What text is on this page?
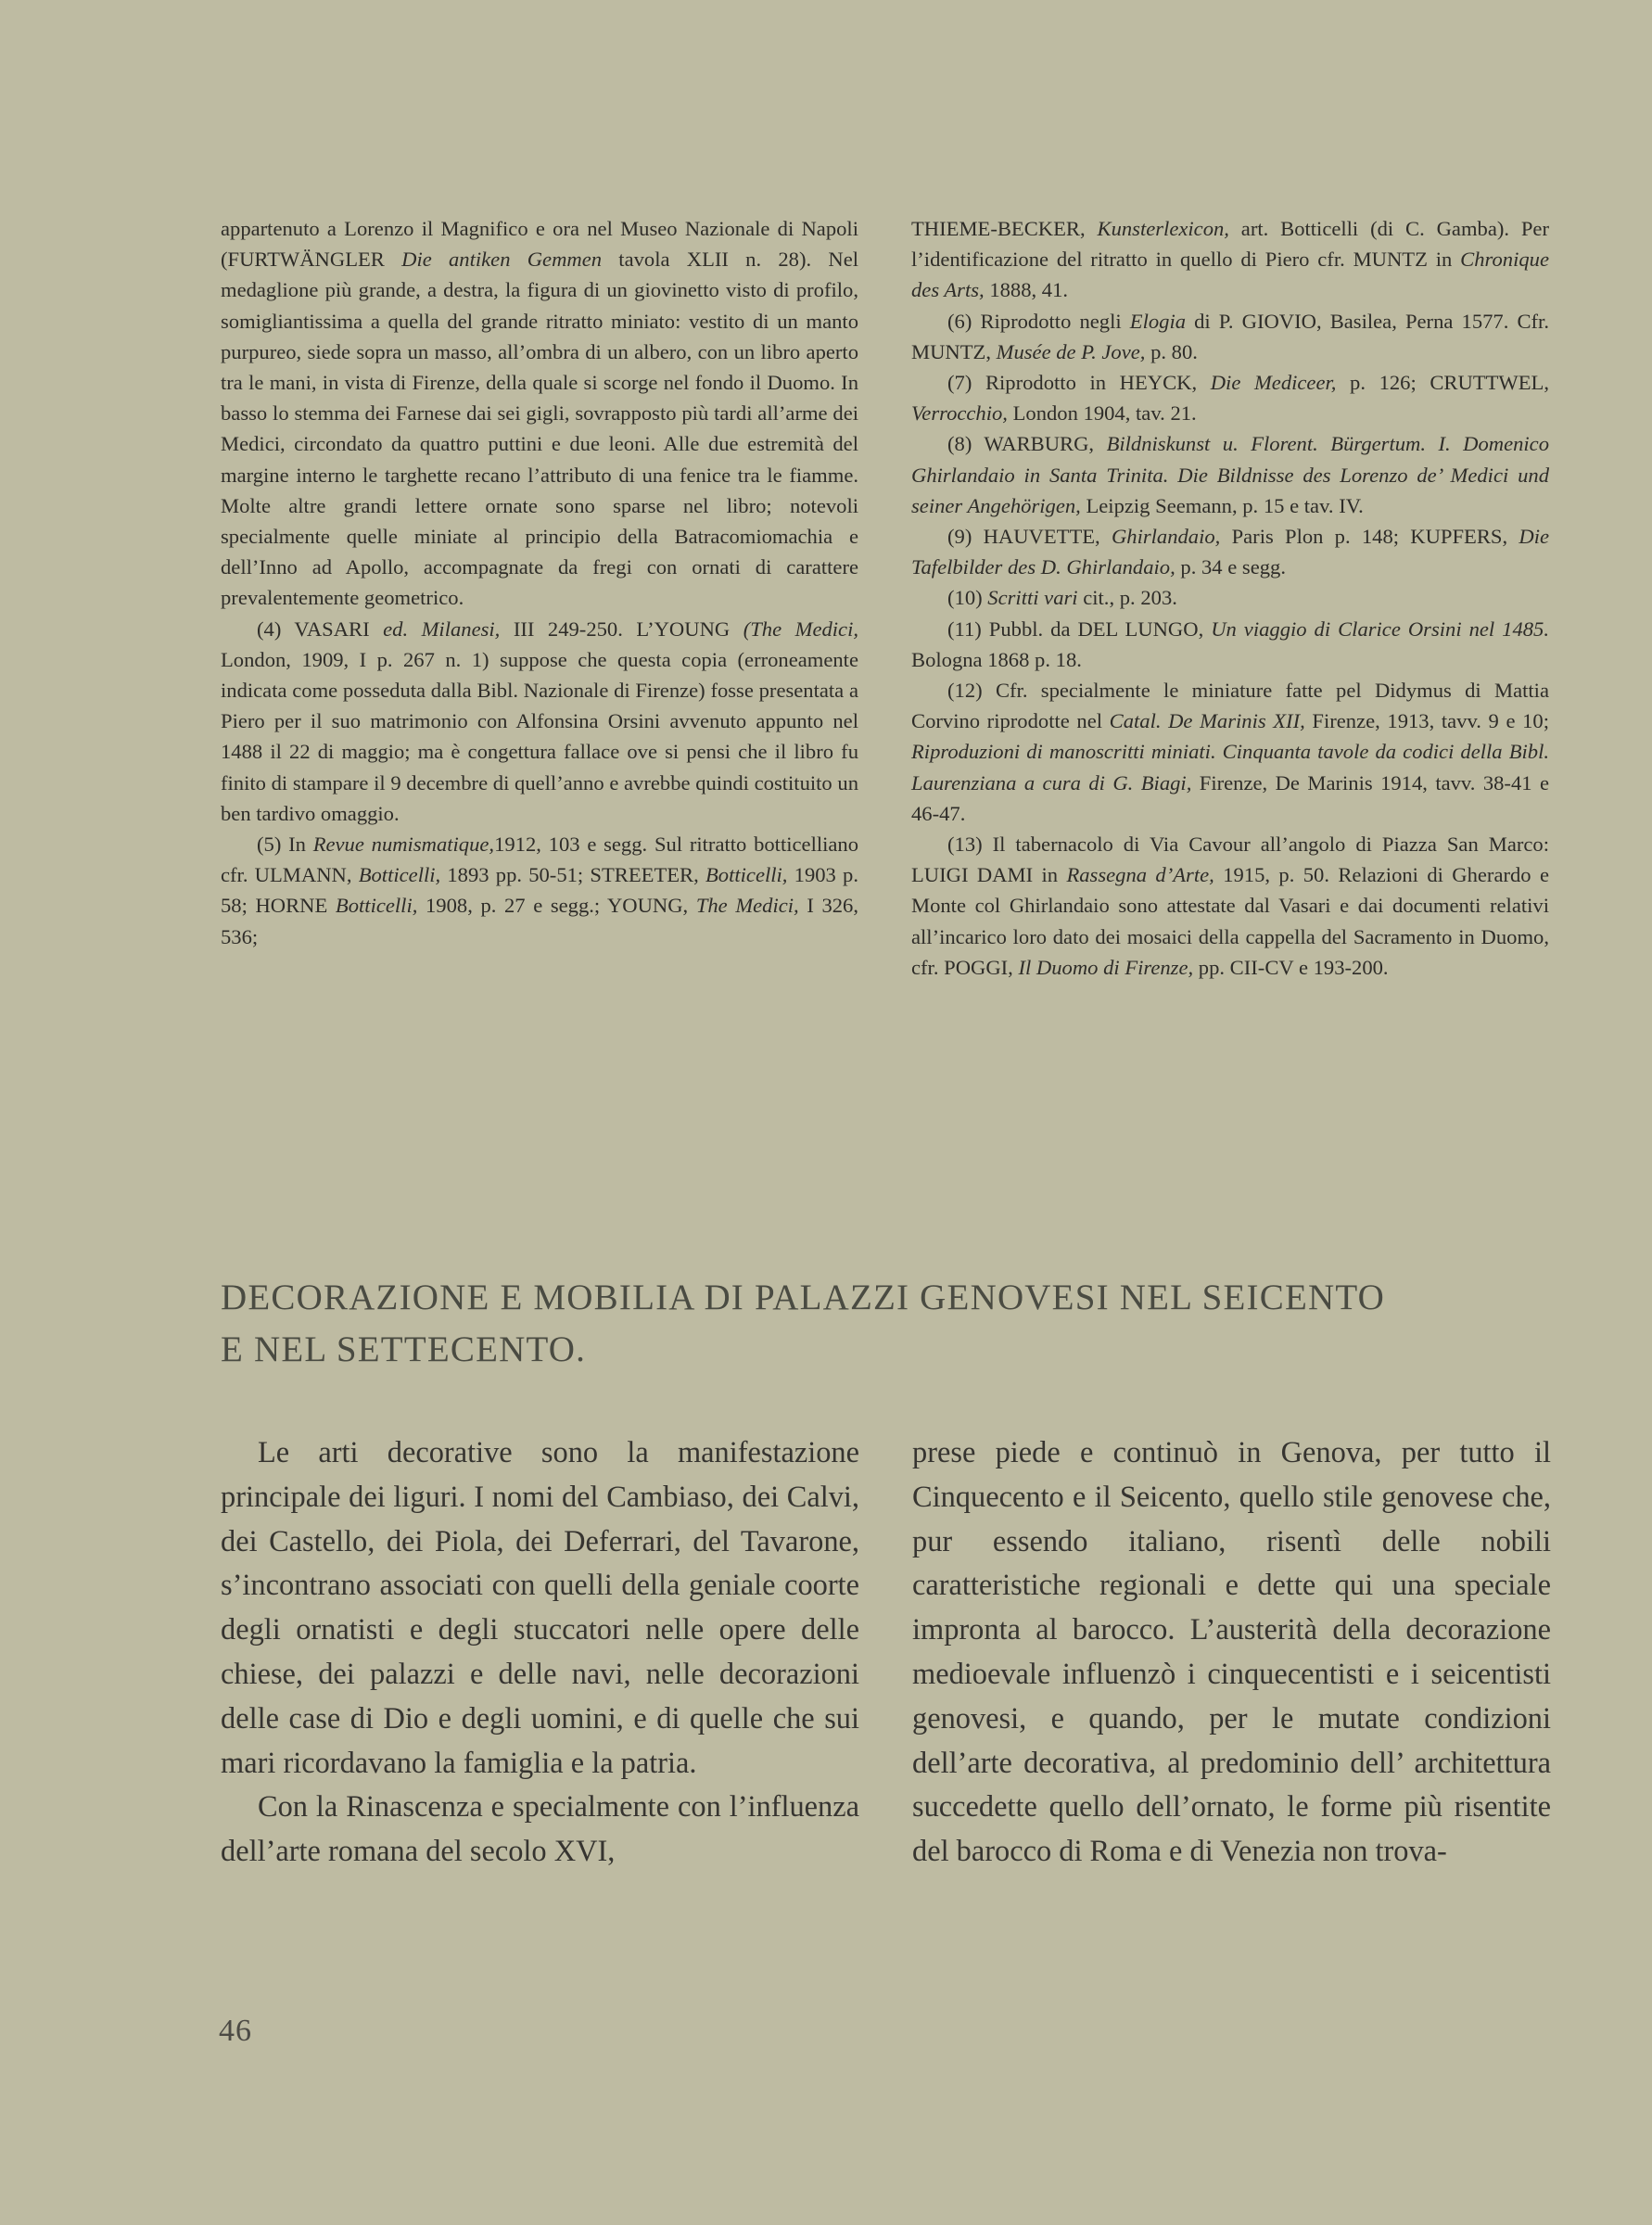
appartenuto a Lorenzo il Magnifico e ora nel Museo Nazionale di Napoli (FURTWÄNGLER Die antiken Gemmen tavola XLII n. 28). Nel medaglione più grande, a destra, la figura di un giovinetto visto di profilo, somigliantissima a quella del grande ritratto miniato: vestito di un manto purpureo, siede sopra un masso, all’ombra di un albero, con un libro aperto tra le mani, in vista di Firenze, della quale si scorge nel fondo il Duomo. In basso lo stemma dei Farnese dai sei gigli, sovrapposto più tardi all’arme dei Medici, circondato da quattro puttini e due leoni. Alle due estremità del margine interno le targhette recano l’attributo di una fenice tra le fiamme. Molte altre grandi lettere ornate sono sparse nel libro; notevoli specialmente quelle miniate al principio della Batracomiomachia e dell’Inno ad Apollo, accompagnate da fregi con ornati di carattere prevalentemente geometrico.

(4) VASARI ed. Milanesi, III 249-250. L’YOUNG (The Medici, London, 1909, I p. 267 n. 1) suppose che questa copia (erroneamente indicata come posseduta dalla Bibl. Nazionale di Firenze) fosse presentata a Piero per il suo matrimonio con Alfonsina Orsini avvenuto appunto nel 1488 il 22 di maggio; ma è congettura fallace ove si pensi che il libro fu finito di stampare il 9 decembre di quell’anno e avrebbe quindi costituito un ben tardivo omaggio.

(5) In Revue numismatique,1912, 103 e segg. Sul ritratto botticelliano cfr. ULMANN, Botticelli, 1893 pp. 50-51; STREETER, Botticelli, 1903 p. 58; HORNE Botticelli, 1908, p. 27 e segg.; YOUNG, The Medici, I 326, 536;

THIEME-BECKER, Kunsterlexicon, art. Botticelli (di C. Gamba). Per l’identificazione del ritratto in quello di Piero cfr. MUNTZ in Chronique des Arts, 1888, 41.

(6) Riprodotto negli Elogia di P. GIOVIO, Basilea, Perna 1577. Cfr. MUNTZ, Musée de P. Jove, p. 80.

(7) Riprodotto in HEYCK, Die Mediceer, p. 126; CRUTTWEL, Verrocchio, London 1904, tav. 21.

(8) WARBURG, Bildniskunst u. Florent. Bürgertum. I. Domenico Ghirlandaio in Santa Trinita. Die Bildnisse des Lorenzo de’ Medici und seiner Angehörigen, Leipzig Seemann, p. 15 e tav. IV.

(9) HAUVETTE, Ghirlandaio, Paris Plon p. 148; KUPFERS, Die Tafelbilder des D. Ghirlandaio, p. 34 e segg.

(10) Scritti vari cit., p. 203.

(11) Pubbl. da DEL LUNGO, Un viaggio di Clarice Orsini nel 1485. Bologna 1868 p. 18.

(12) Cfr. specialmente le miniature fatte pel Didymus di Mattia Corvino riprodotte nel Catal. De Marinis XII, Firenze, 1913, tavv. 9 e 10; Riproduzioni di manoscritti miniati. Cinquanta tavole da codici della Bibl. Laurenziana a cura di G. Biagi, Firenze, De Marinis 1914, tavv. 38-41 e 46-47.

(13) Il tabernacolo di Via Cavour all’angolo di Piazza San Marco: LUIGI DAMI in Rassegna d’Arte, 1915, p. 50. Relazioni di Gherardo e Monte col Ghirlandaio sono attestate dal Vasari e dai documenti relativi all’incarico loro dato dei mosaici della cappella del Sacramento in Duomo, cfr. POGGI, Il Duomo di Firenze, pp. CII-CV e 193-200.

DECORAZIONE E MOBILIA DI PALAZZI GENOVESI NEL SEICENTO
E NEL SETTECENTO.

Le arti decorative sono la manifestazione principale dei liguri. I nomi del Cambiaso, dei Calvi, dei Castello, dei Piola, dei Deferrari, del Tavarone, s’incontrano associati con quelli della geniale coorte degli ornatisti e degli stuccatori nelle opere delle chiese, dei palazzi e delle navi, nelle decorazioni delle case di Dio e degli uomini, e di quelle che sui mari ricordavano la famiglia e la patria.

Con la Rinascenza e specialmente con l’influenza dell’arte romana del secolo XVI,

prese piede e continuò in Genova, per tutto il Cinquecento e il Seicento, quello stile genovese che, pur essendo italiano, risentì delle nobili caratteristiche regionali e dette qui una speciale impronta al barocco. L’austerità della decorazione medioevale influenzò i cinquecentisti e i seicentisti genovesi, e quando, per le mutate condizioni dell’arte decorativa, al predominio dell’ architettura succedette quello dell’ornato, le forme più risentite del barocco di Roma e di Venezia non trova-

46
